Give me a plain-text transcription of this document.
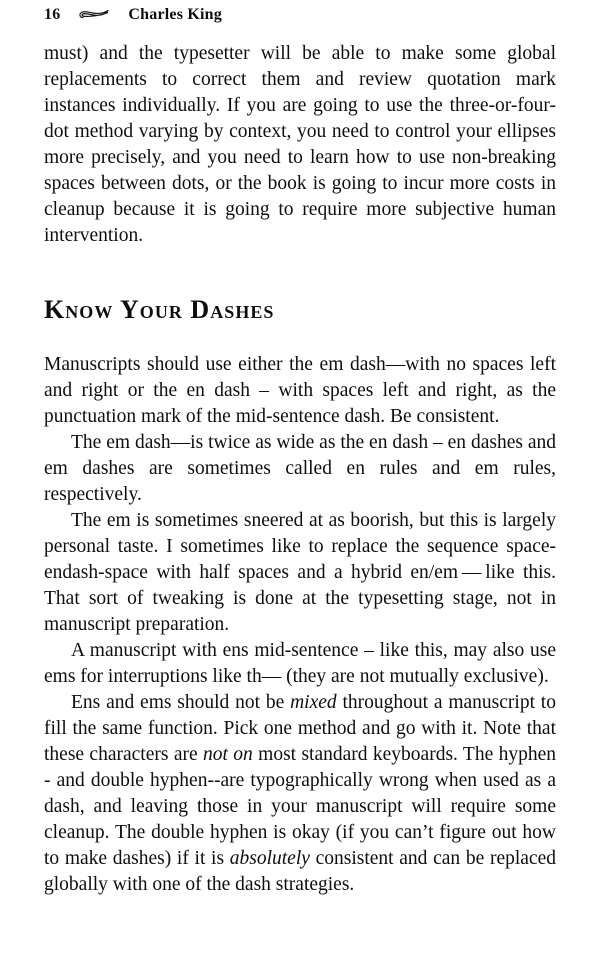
16	Charles King

must) and the typesetter will be able to make some global replacements to correct them and review quotation mark instances individually. If you are going to use the three-or-four-dot method varying by context, you need to control your ellipses more precisely, and you need to learn how to use non-breaking spaces between dots, or the book is going to incur more costs in cleanup because it is going to require more subjective human intervention.

Know Your Dashes

Manuscripts should use either the em dash—with no spaces left and right or the en dash – with spaces left and right, as the punctuation mark of the mid-sentence dash. Be consistent.

The em dash—is twice as wide as the en dash – en dashes and em dashes are sometimes called en rules and em rules, respectively.

The em is sometimes sneered at as boorish, but this is largely personal taste. I sometimes like to replace the sequence space-endash-space with half spaces and a hybrid en/em — like this. That sort of tweaking is done at the typesetting stage, not in manuscript preparation.

A manuscript with ens mid-sentence – like this, may also use ems for interruptions like th— (they are not mutually exclusive).

Ens and ems should not be mixed throughout a manuscript to fill the same function. Pick one method and go with it. Note that these characters are not on most standard keyboards. The hyphen - and double hyphen--are typographically wrong when used as a dash, and leaving those in your manuscript will require some cleanup. The double hyphen is okay (if you can’t figure out how to make dashes) if it is absolutely consistent and can be replaced globally with one of the dash strategies.
